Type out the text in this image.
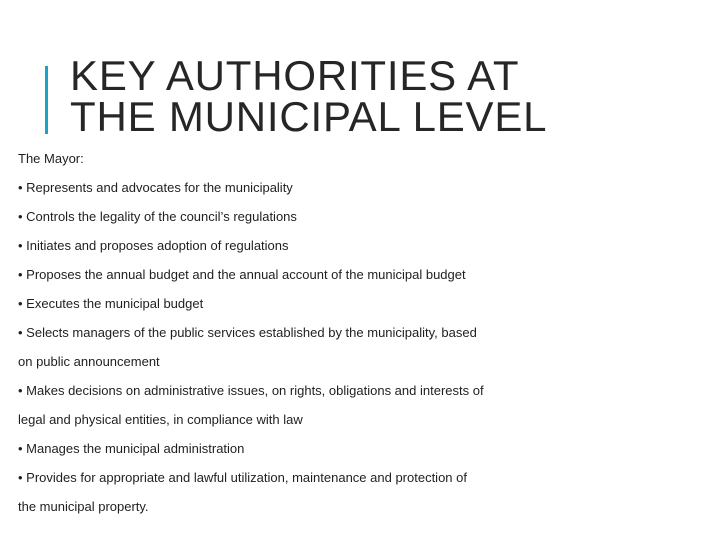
KEY AUTHORITIES AT
THE MUNICIPAL LEVEL
The Mayor:
• Represents and advocates for the municipality
• Controls the legality of the council’s regulations
• Initiates and proposes adoption of regulations
• Proposes the annual budget and the annual account of the municipal budget
• Executes the municipal budget
• Selects managers of the public services established by the municipality, based
on public announcement
• Makes decisions on administrative issues, on rights, obligations and interests of
legal and physical entities, in compliance with law
• Manages the municipal administration
• Provides for appropriate and lawful utilization, maintenance and protection of
the municipal property.
